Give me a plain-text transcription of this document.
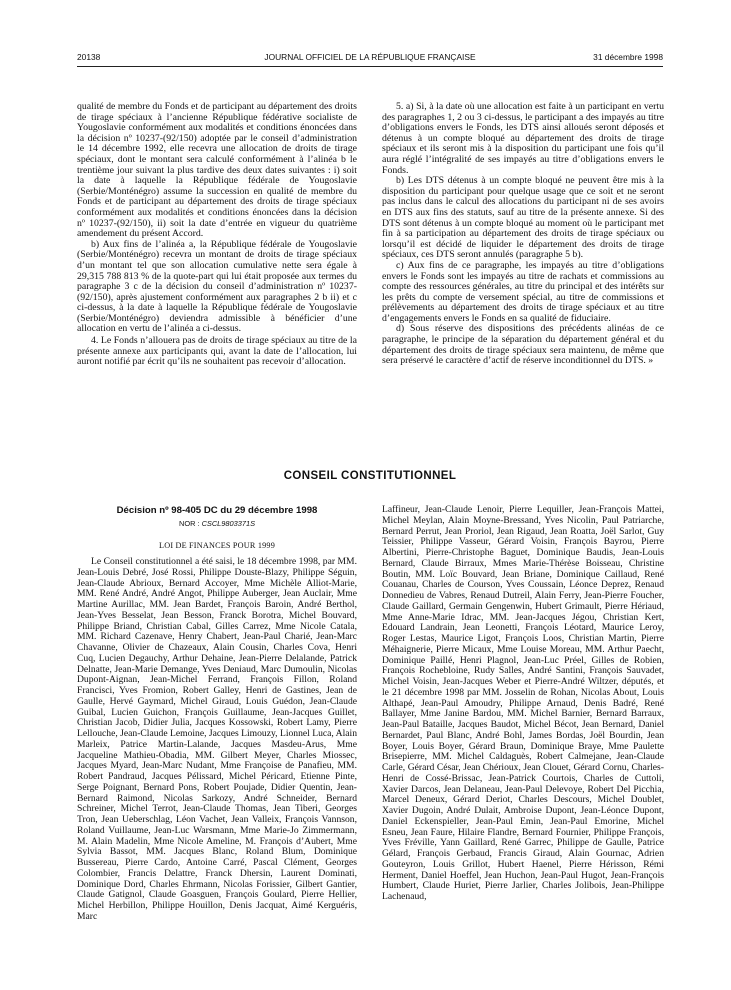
20138	JOURNAL OFFICIEL DE LA RÉPUBLIQUE FRANÇAISE	31 décembre 1998

qualité de membre du Fonds et de participant au département des droits de tirage spéciaux à l’ancienne République fédérative socialiste de Yougoslavie conformément aux modalités et conditions énoncées dans la décision nº 10237-(92/150) adoptée par le conseil d’administration le 14 décembre 1992, elle recevra une allocation de droits de tirage spéciaux, dont le montant sera calculé conformément à l’alinéa b le trentième jour suivant la plus tardive des deux dates suivantes : i) soit la date à laquelle la République fédérale de Yougoslavie (Serbie/Monténégro) assume la succession en qualité de membre du Fonds et de participant au département des droits de tirage spéciaux conformément aux modalités et conditions énoncées dans la décision nº 10237-(92/150), ii) soit la date d’entrée en vigueur du quatrième amendement du présent Accord.

b) Aux fins de l’alinéa a, la République fédérale de Yougoslavie (Serbie/Monténégro) recevra un montant de droits de tirage spéciaux d’un montant tel que son allocation cumulative nette sera égale à 29,315 788 813 % de la quote-part qui lui était proposée aux termes du paragraphe 3 c de la décision du conseil d’administration nº 10237-(92/150), après ajustement conformément aux paragraphes 2 b ii) et c ci-dessus, à la date à laquelle la République fédérale de Yougoslavie (Serbie/Monténégro) deviendra admissible à bénéficier d’une allocation en vertu de l’alinéa a ci-dessus.

4. Le Fonds n’allouera pas de droits de tirage spéciaux au titre de la présente annexe aux participants qui, avant la date de l’allocation, lui auront notifié par écrit qu’ils ne souhaitent pas recevoir d’allocation.

5. a) Si, à la date où une allocation est faite à un participant en vertu des paragraphes 1, 2 ou 3 ci-dessus, le participant a des impayés au titre d’obligations envers le Fonds, les DTS ainsi alloués seront déposés et détenus à un compte bloqué au département des droits de tirage spéciaux et ils seront mis à la disposition du participant une fois qu’il aura réglé l’intégralité de ses impayés au titre d’obligations envers le Fonds.

b) Les DTS détenus à un compte bloqué ne peuvent être mis à la disposition du participant pour quelque usage que ce soit et ne seront pas inclus dans le calcul des allocations du participant ni de ses avoirs en DTS aux fins des statuts, sauf au titre de la présente annexe. Si des DTS sont détenus à un compte bloqué au moment où le participant met fin à sa participation au département des droits de tirage spéciaux ou lorsqu’il est décidé de liquider le département des droits de tirage spéciaux, ces DTS seront annulés (paragraphe 5 b).

c) Aux fins de ce paragraphe, les impayés au titre d’obligations envers le Fonds sont les impayés au titre de rachats et commissions au compte des ressources générales, au titre du principal et des intérêts sur les prêts du compte de versement spécial, au titre de commissions et prélèvements au département des droits de tirage spéciaux et au titre d’engagements envers le Fonds en sa qualité de fiduciaire.

d) Sous réserve des dispositions des précédents alinéas de ce paragraphe, le principe de la séparation du département général et du département des droits de tirage spéciaux sera maintenu, de même que sera préservé le caractère d’actif de réserve inconditionnel du DTS. »

CONSEIL CONSTITUTIONNEL
Décision nº 98-405 DC du 29 décembre 1998
NOR : CSCL9803371S
LOI DE FINANCES POUR 1999

Le Conseil constitutionnel a été saisi, le 18 décembre 1998, par MM. Jean-Louis Debré, José Rossi, Philippe Douste-Blazy, Philippe Séguin, Jean-Claude Abrioux, Bernard Accoyer, Mme Michèle Alliot-Marie, MM. René André, André Angot, Philippe Auberger, Jean Auclair, Mme Martine Aurillac, MM. Jean Bardet, François Baroin, André Berthol, Jean-Yves Besselat, Jean Besson, Franck Borotra, Michel Bouvard, Philippe Briand, Christian Cabal, Gilles Carrez, Mme Nicole Catala, MM. Richard Cazenave, Henry Chabert, Jean-Paul Charié, Jean-Marc Chavanne, Olivier de Chazeaux, Alain Cousin, Charles Cova, Henri Cuq, Lucien Degauchy, Arthur Dehaine, Jean-Pierre Delalande, Patrick Delnatte, Jean-Marie Demange, Yves Deniaud, Marc Dumoulin, Nicolas Dupont-Aignan, Jean-Michel Ferrand, François Fillon, Roland Francisci, Yves Fromion, Robert Galley, Henri de Gastines, Jean de Gaulle, Hervé Gaymard, Michel Giraud, Louis Guédon, Jean-Claude Guibal, Lucien Guichon, François Guillaume, Jean-Jacques Guillet, Christian Jacob, Didier Julia, Jacques Kossowski, Robert Lamy, Pierre Lellouche, Jean-Claude Lemoine, Jacques Limouzy, Lionnel Luca, Alain Marleix, Patrice Martin-Lalande, Jacques Masdeu-Arus, Mme Jacqueline Mathieu-Obadia, MM. Gilbert Meyer, Charles Miossec, Jacques Myard, Jean-Marc Nudant, Mme Françoise de Panafieu, MM. Robert Pandraud, Jacques Pélissard, Michel Péricard, Etienne Pinte, Serge Poignant, Bernard Pons, Robert Poujade, Didier Quentin, Jean-Bernard Raimond, Nicolas Sarkozy, André Schneider, Bernard Schreiner, Michel Terrot, Jean-Claude Thomas, Jean Tiberi, Georges Tron, Jean Ueberschlag, Léon Vachet, Jean Valleix, François Vannson, Roland Vuillaume, Jean-Luc Warsmann, Mme Marie-Jo Zimmermann, M. Alain Madelin, Mme Nicole Ameline, M. François d’Aubert, Mme Sylvia Bassot, MM. Jacques Blanc, Roland Blum, Dominique Bussereau, Pierre Cardo, Antoine Carré, Pascal Clément, Georges Colombier, Francis Delattre, Franck Dhersin, Laurent Dominati, Dominique Dord, Charles Ehrmann, Nicolas Forissier, Gilbert Gantier, Claude Gatignol, Claude Goasguen, François Goulard, Pierre Hellier, Michel Herbillon, Philippe Houillon, Denis Jacquat, Aimé Kerguéris, Marc

Laffineur, Jean-Claude Lenoir, Pierre Lequiller, Jean-François Mattei, Michel Meylan, Alain Moyne-Bressand, Yves Nicolin, Paul Patriarche, Bernard Perrut, Jean Proriol, Jean Rigaud, Jean Roatta, Joël Sarlot, Guy Teissier, Philippe Vasseur, Gérard Voisin, François Bayrou, Pierre Albertini, Pierre-Christophe Baguet, Dominique Baudis, Jean-Louis Bernard, Claude Birraux, Mmes Marie-Thérèse Boisseau, Christine Boutin, MM. Loïc Bouvard, Jean Briane, Dominique Caillaud, René Couanau, Charles de Courson, Yves Coussain, Léonce Deprez, Renaud Donnedieu de Vabres, Renaud Dutreil, Alain Ferry, Jean-Pierre Foucher, Claude Gaillard, Germain Gengenwin, Hubert Grimault, Pierre Hériaud, Mme Anne-Marie Idrac, MM. Jean-Jacques Jégou, Christian Kert, Edouard Landrain, Jean Leonetti, François Léotard, Maurice Leroy, Roger Lestas, Maurice Ligot, François Loos, Christian Martin, Pierre Méhaignerie, Pierre Micaux, Mme Louise Moreau, MM. Arthur Paecht, Dominique Paillé, Henri Plagnol, Jean-Luc Préel, Gilles de Robien, François Rochebloine, Rudy Salles, André Santini, François Sauvadet, Michel Voisin, Jean-Jacques Weber et Pierre-André Wiltzer, députés, et le 21 décembre 1998 par MM. Josselin de Rohan, Nicolas About, Louis Althapé, Jean-Paul Amoudry, Philippe Arnaud, Denis Badré, René Ballayer, Mme Janine Bardou, MM. Michel Barnier, Bernard Barraux, Jean-Paul Bataille, Jacques Baudot, Michel Bécot, Jean Bernard, Daniel Bernardet, Paul Blanc, André Bohl, James Bordas, Joël Bourdin, Jean Boyer, Louis Boyer, Gérard Braun, Dominique Braye, Mme Paulette Brisepierre, MM. Michel Caldaguès, Robert Calmejane, Jean-Claude Carle, Gérard César, Jean Chérioux, Jean Clouet, Gérard Cornu, Charles-Henri de Cossé-Brissac, Jean-Patrick Courtois, Charles de Cuttoli, Xavier Darcos, Jean Delaneau, Jean-Paul Delevoye, Robert Del Picchia, Marcel Deneux, Gérard Deriot, Charles Descours, Michel Doublet, Xavier Dugoin, André Dulait, Ambroise Dupont, Jean-Léonce Dupont, Daniel Eckenspieller, Jean-Paul Emin, Jean-Paul Emorine, Michel Esneu, Jean Faure, Hilaire Flandre, Bernard Fournier, Philippe François, Yves Fréville, Yann Gaillard, René Garrec, Philippe de Gaulle, Patrice Gélard, François Gerbaud, Francis Giraud, Alain Gournac, Adrien Gouteyron, Louis Grillot, Hubert Haenel, Pierre Hérisson, Rémi Herment, Daniel Hoeffel, Jean Huchon, Jean-Paul Hugot, Jean-François Humbert, Claude Huriet, Pierre Jarlier, Charles Jolibois, Jean-Philippe Lachenaud,
